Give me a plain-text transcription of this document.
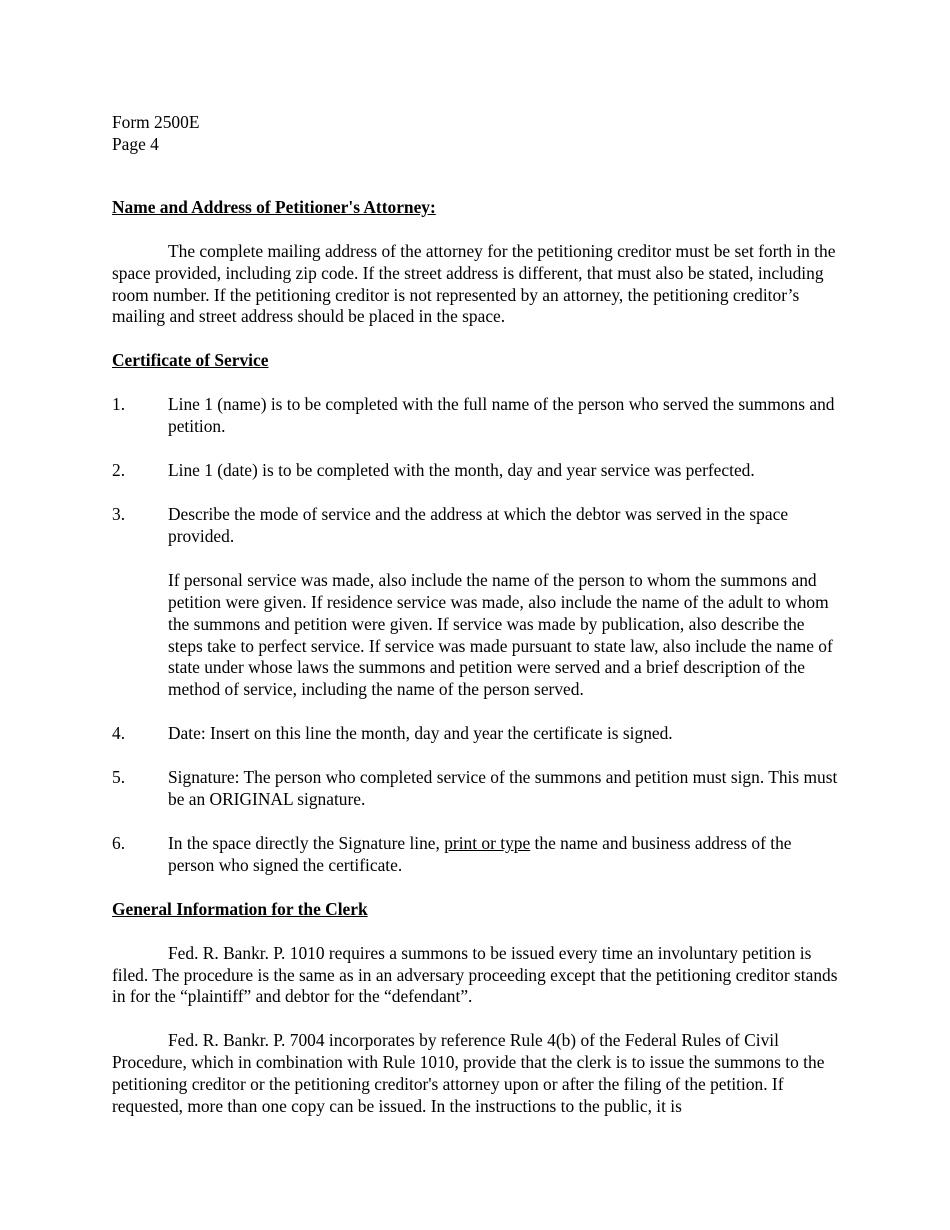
Form 2500E

Page 4

Name and Address of Petitioner's Attorney:

The complete mailing address of the attorney for the petitioning creditor must be set forth in the space provided, including zip code. If the street address is different, that must also be stated, including room number. If the petitioning creditor is not represented by an attorney, the petitioning creditor’s mailing and street address should be placed in the space.

Certificate of Service

1.	Line 1 (name) is to be completed with the full name of the person who served the summons and petition.
2.	Line 1 (date) is to be completed with the month, day and year service was perfected.
3.	Describe the mode of service and the address at which the debtor was served in the space provided.

If personal service was made, also include the name of the person to whom the summons and petition were given. If residence service was made, also include the name of the adult to whom the summons and petition were given. If service was made by publication, also describe the steps take to perfect service. If service was made pursuant to state law, also include the name of state under whose laws the summons and petition were served and a brief description of the method of service, including the name of the person served.

4.	Date: Insert on this line the month, day and year the certificate is signed.
5.	Signature: The person who completed service of the summons and petition must sign. This must be an ORIGINAL signature.
6.	In the space directly the Signature line, print or type the name and business address of the person who signed the certificate.

General Information for the Clerk

Fed. R. Bankr. P. 1010 requires a summons to be issued every time an involuntary petition is filed. The procedure is the same as in an adversary proceeding except that the petitioning creditor stands in for the “plaintiff” and debtor for the “defendant”.

Fed. R. Bankr. P. 7004 incorporates by reference Rule 4(b) of the Federal Rules of Civil Procedure, which in combination with Rule 1010, provide that the clerk is to issue the summons to the petitioning creditor or the petitioning creditor's attorney upon or after the filing of the petition. If requested, more than one copy can be issued. In the instructions to the public, it is
